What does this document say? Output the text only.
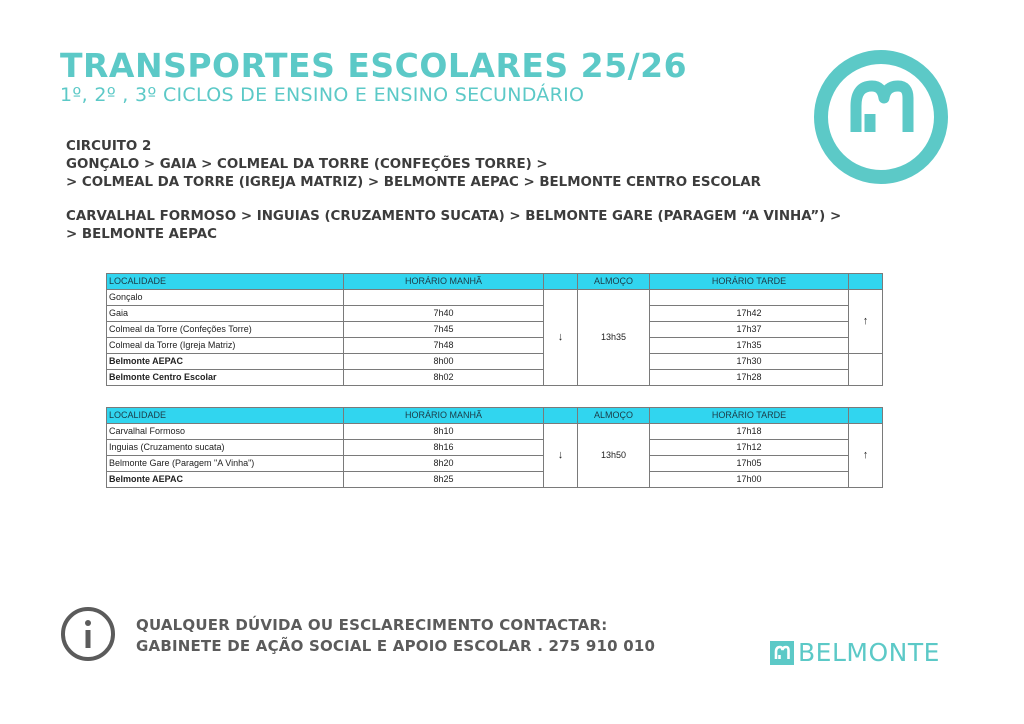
TRANSPORTES ESCOLARES 25/26
1º, 2º , 3º CICLOS DE ENSINO E ENSINO SECUNDÁRIO
CIRCUITO 2
GONÇALO > GAIA > COLMEAL DA TORRE (CONFEÇÕES TORRE) >
> COLMEAL DA TORRE (IGREJA MATRIZ) > BELMONTE AEPAC > BELMONTE CENTRO ESCOLAR
CARVALHAL FORMOSO > INGUIAS (CRUZAMENTO SUCATA) > BELMONTE GARE (PARAGEM “A VINHA”) >
> BELMONTE AEPAC
LOCALIDADE	HORÁRIO MANHÃ		ALMOÇO	HORÁRIO TARDE	
Gonçalo		↓	13h35		↑
Gaia	7h40			17h42	
Colmeal da Torre (Confeções Torre)	7h45			17h37	
Colmeal da Torre (Igreja Matriz)	7h48			17h35	
Belmonte AEPAC	8h00			17h30	
Belmonte Centro Escolar	8h02			17h28	
LOCALIDADE	HORÁRIO MANHÃ		ALMOÇO	HORÁRIO TARDE	
Carvalhal Formoso	8h10	↓	13h50	17h18	↑
Inguias (Cruzamento sucata)	8h16			17h12	
Belmonte Gare (Paragem "A Vinha")	8h20			17h05	
Belmonte AEPAC	8h25			17h00	
QUALQUER DÚVIDA OU ESCLARECIMENTO CONTACTAR:
GABINETE DE AÇÃO SOCIAL E APOIO ESCOLAR . 275 910 010	BELMONTE
